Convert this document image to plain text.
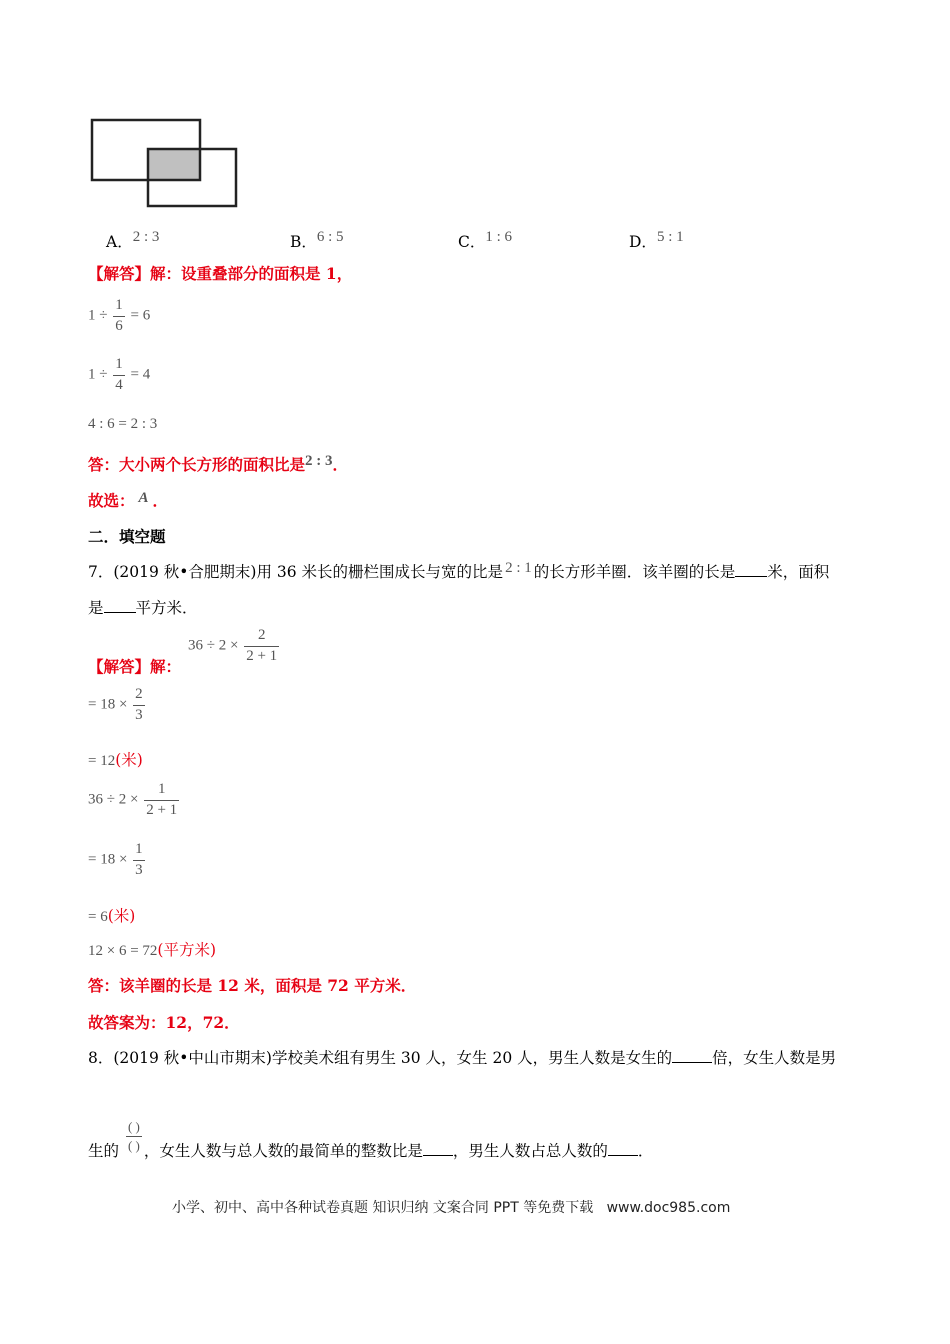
A．2 : 3	B．6 : 5	C．1 : 6	D．5 : 1
【解答】解：设重叠部分的面积是 1，
$1 \div \frac{1}{6} = 6$
$1 \div \frac{1}{4} = 4$
4 : 6 = 2 : 3
答：大小两个长方形的面积比是2 : 3．
故选： A ．
二．填空题
7．(2019 秋•合肥期末)用 36 米长的栅栏围成长与宽的比是 2 : 1 的长方形羊圈．该羊圈的长是 米，面积
是 平方米．
【解答】解：
$36 \div 2 \times \frac{2}{2 + 1}$
= $18 \times \frac{2}{3}$
= 12(米)
$36 \div 2 \times \frac{1}{2 + 1}$
= $18 \times \frac{1}{3}$
= 6(米)
12 × 6 = 72(平方米)
答：该羊圈的长是 12 米，面积是 72 平方米．
故答案为：12，72．
8．(2019 秋•中山市期末)学校美术组有男生 30 人，女生 20 人，男生人数是女生的	倍，女生人数是男
生的 $\frac{( )}{( )}$ ，女生人数与总人数的最简单的整数比是 ，男生人数占总人数的 ．
小学、初中、高中各种试卷真题 知识归纳 文案合同 PPT 等免费下载 www.doc985.com
